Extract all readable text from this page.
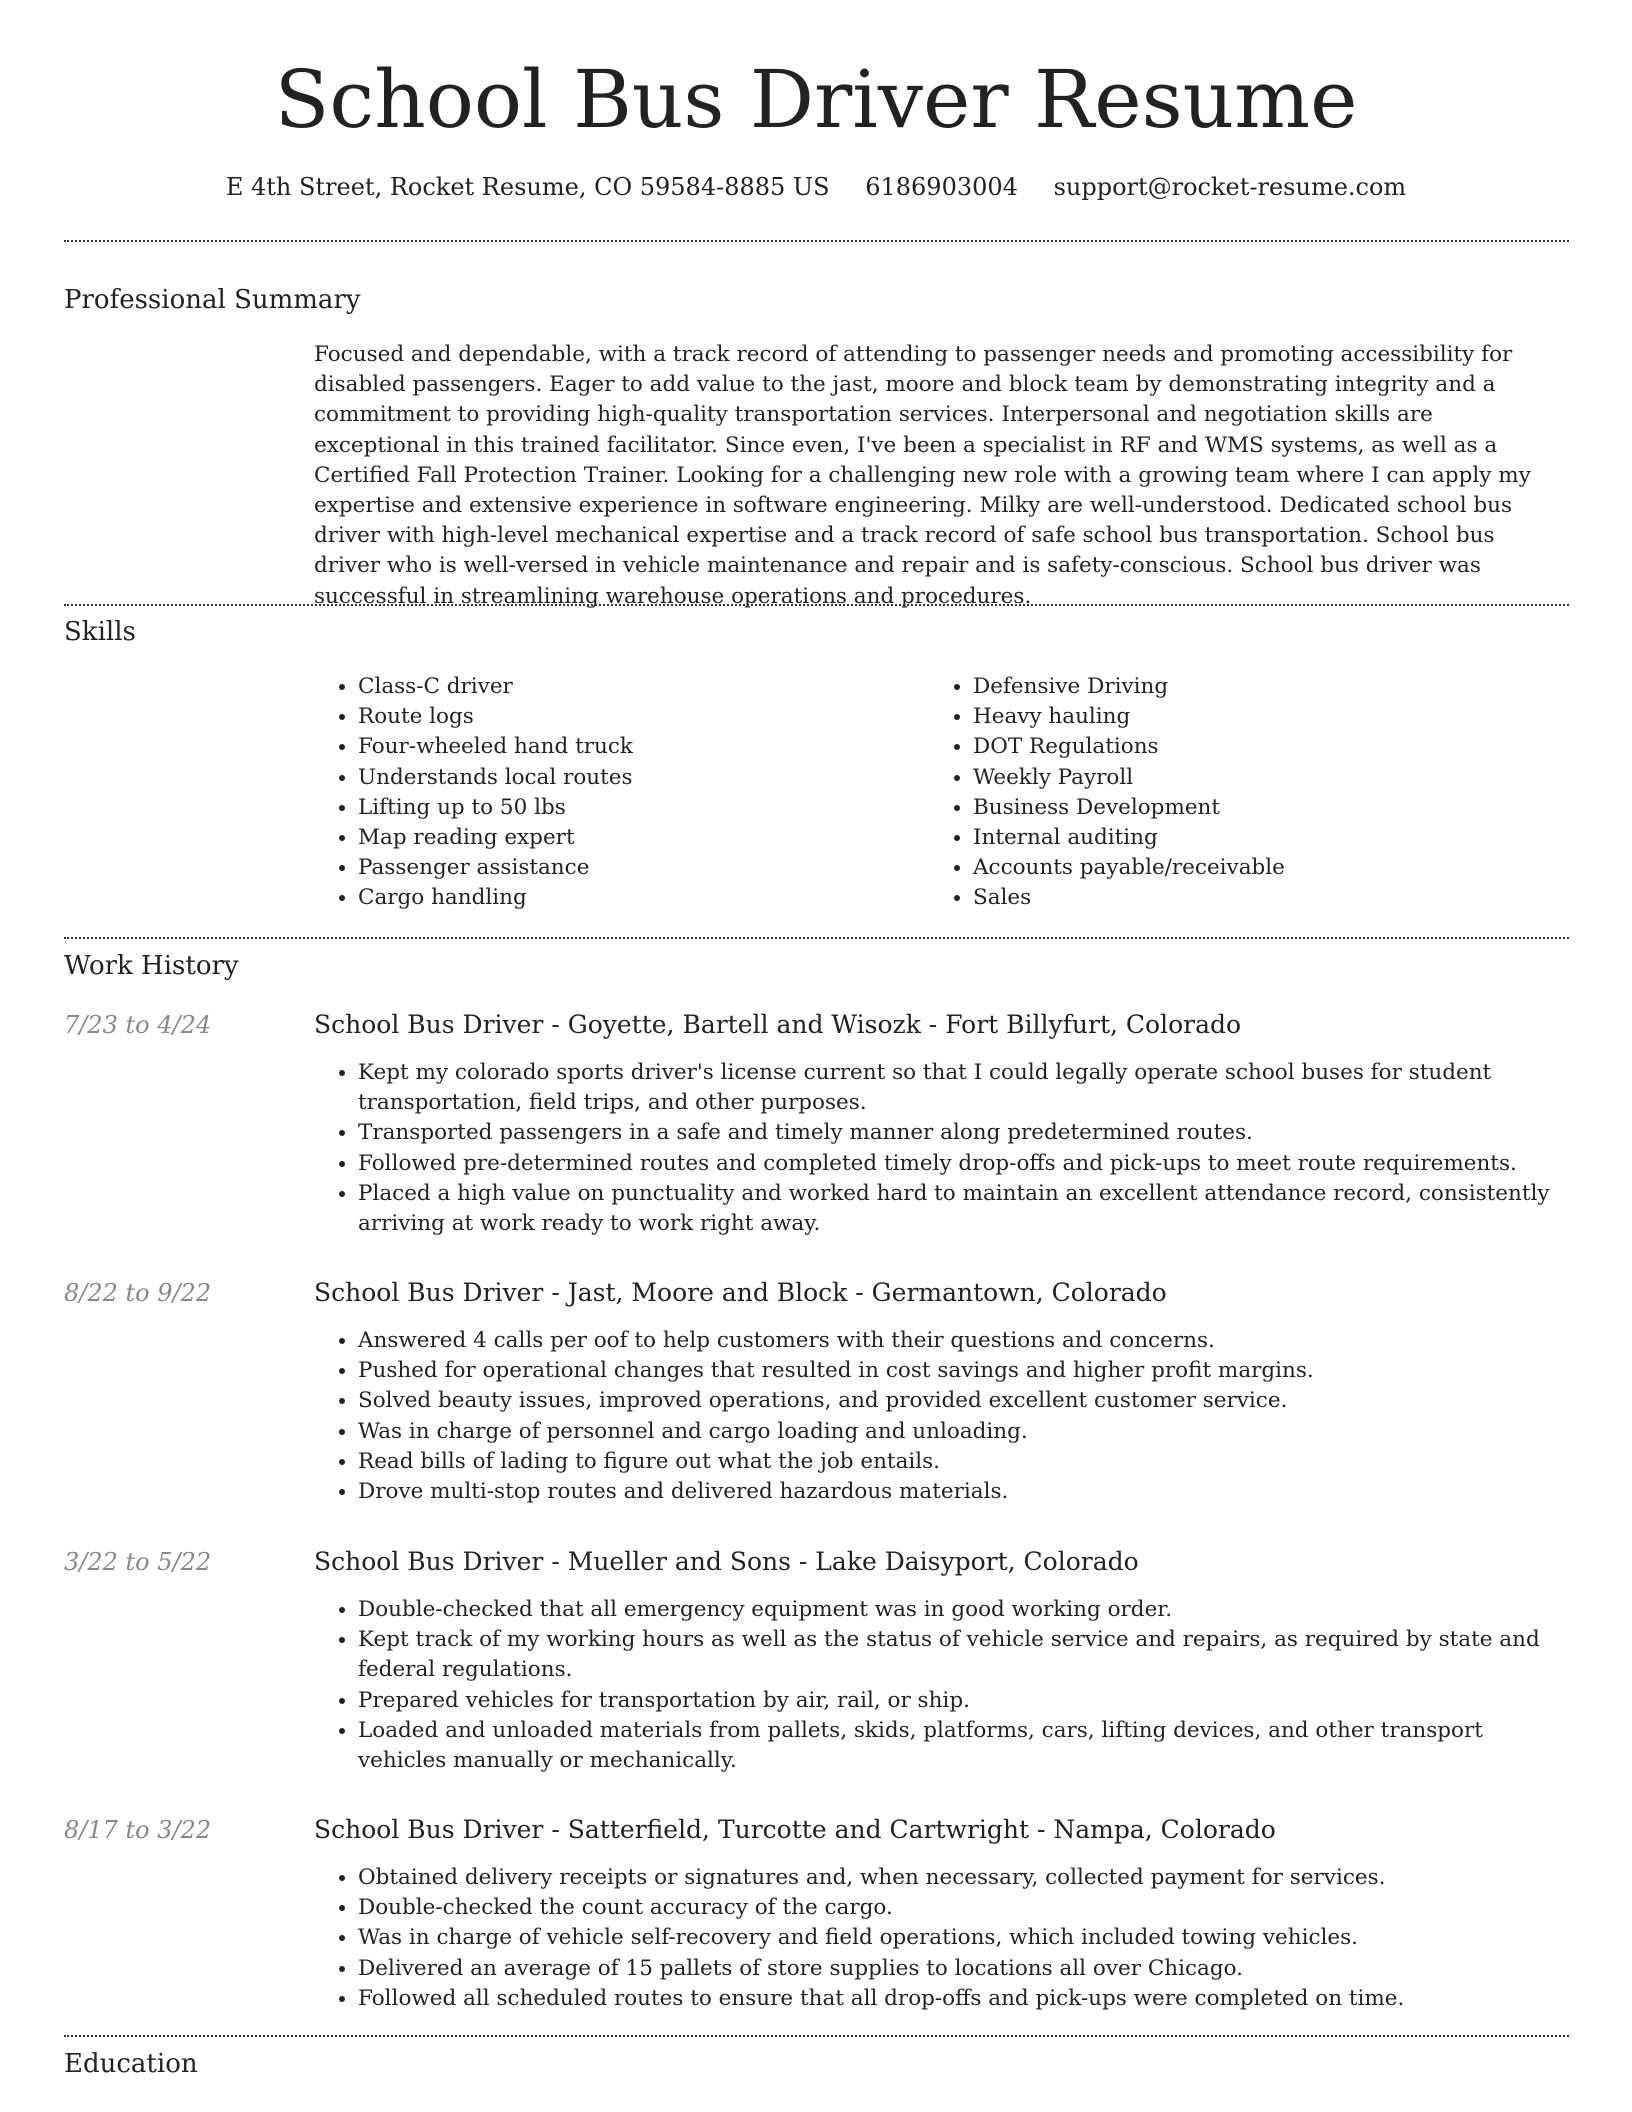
School Bus Driver Resume
E 4th Street, Rocket Resume, CO 59584-8885 US 6186903004 support@rocket-resume.com
Professional Summary

Focused and dependable, with a track record of attending to passenger needs and promoting accessibility for disabled passengers. Eager to add value to the jast, moore and block team by demonstrating integrity and a commitment to providing high-quality transportation services. Interpersonal and negotiation skills are exceptional in this trained facilitator. Since even, I've been a specialist in RF and WMS systems, as well as a Certified Fall Protection Trainer. Looking for a challenging new role with a growing team where I can apply my expertise and extensive experience in software engineering. Milky are well-understood. Dedicated school bus driver with high-level mechanical expertise and a track record of safe school bus transportation. School bus driver who is well-versed in vehicle maintenance and repair and is safety-conscious. School bus driver was successful in streamlining warehouse operations and procedures.

Skills
• Class-C driver
• Route logs
• Four-wheeled hand truck
• Understands local routes
• Lifting up to 50 lbs
• Map reading expert
• Passenger assistance
• Cargo handling
• Defensive Driving
• Heavy hauling
• DOT Regulations
• Weekly Payroll
• Business Development
• Internal auditing
• Accounts payable/receivable
• Sales
Work History
7/23 to 4/24	School Bus Driver - Goyette, Bartell and Wisozk - Fort Billyfurt, Colorado
• Kept my colorado sports driver's license current so that I could legally operate school buses for student transportation, field trips, and other purposes.
• Transported passengers in a safe and timely manner along predetermined routes.
• Followed pre-determined routes and completed timely drop-offs and pick-ups to meet route requirements.
• Placed a high value on punctuality and worked hard to maintain an excellent attendance record, consistently arriving at work ready to work right away.
8/22 to 9/22	School Bus Driver - Jast, Moore and Block - Germantown, Colorado
• Answered 4 calls per oof to help customers with their questions and concerns.
• Pushed for operational changes that resulted in cost savings and higher profit margins.
• Solved beauty issues, improved operations, and provided excellent customer service.
• Was in charge of personnel and cargo loading and unloading.
• Read bills of lading to figure out what the job entails.
• Drove multi-stop routes and delivered hazardous materials.
3/22 to 5/22	School Bus Driver - Mueller and Sons - Lake Daisyport, Colorado
• Double-checked that all emergency equipment was in good working order.
• Kept track of my working hours as well as the status of vehicle service and repairs, as required by state and federal regulations.
• Prepared vehicles for transportation by air, rail, or ship.
• Loaded and unloaded materials from pallets, skids, platforms, cars, lifting devices, and other transport vehicles manually or mechanically.
8/17 to 3/22	School Bus Driver - Satterfield, Turcotte and Cartwright - Nampa, Colorado
• Obtained delivery receipts or signatures and, when necessary, collected payment for services.
• Double-checked the count accuracy of the cargo.
• Was in charge of vehicle self-recovery and field operations, which included towing vehicles.
• Delivered an average of 15 pallets of store supplies to locations all over Chicago.
• Followed all scheduled routes to ensure that all drop-offs and pick-ups were completed on time.
Education
